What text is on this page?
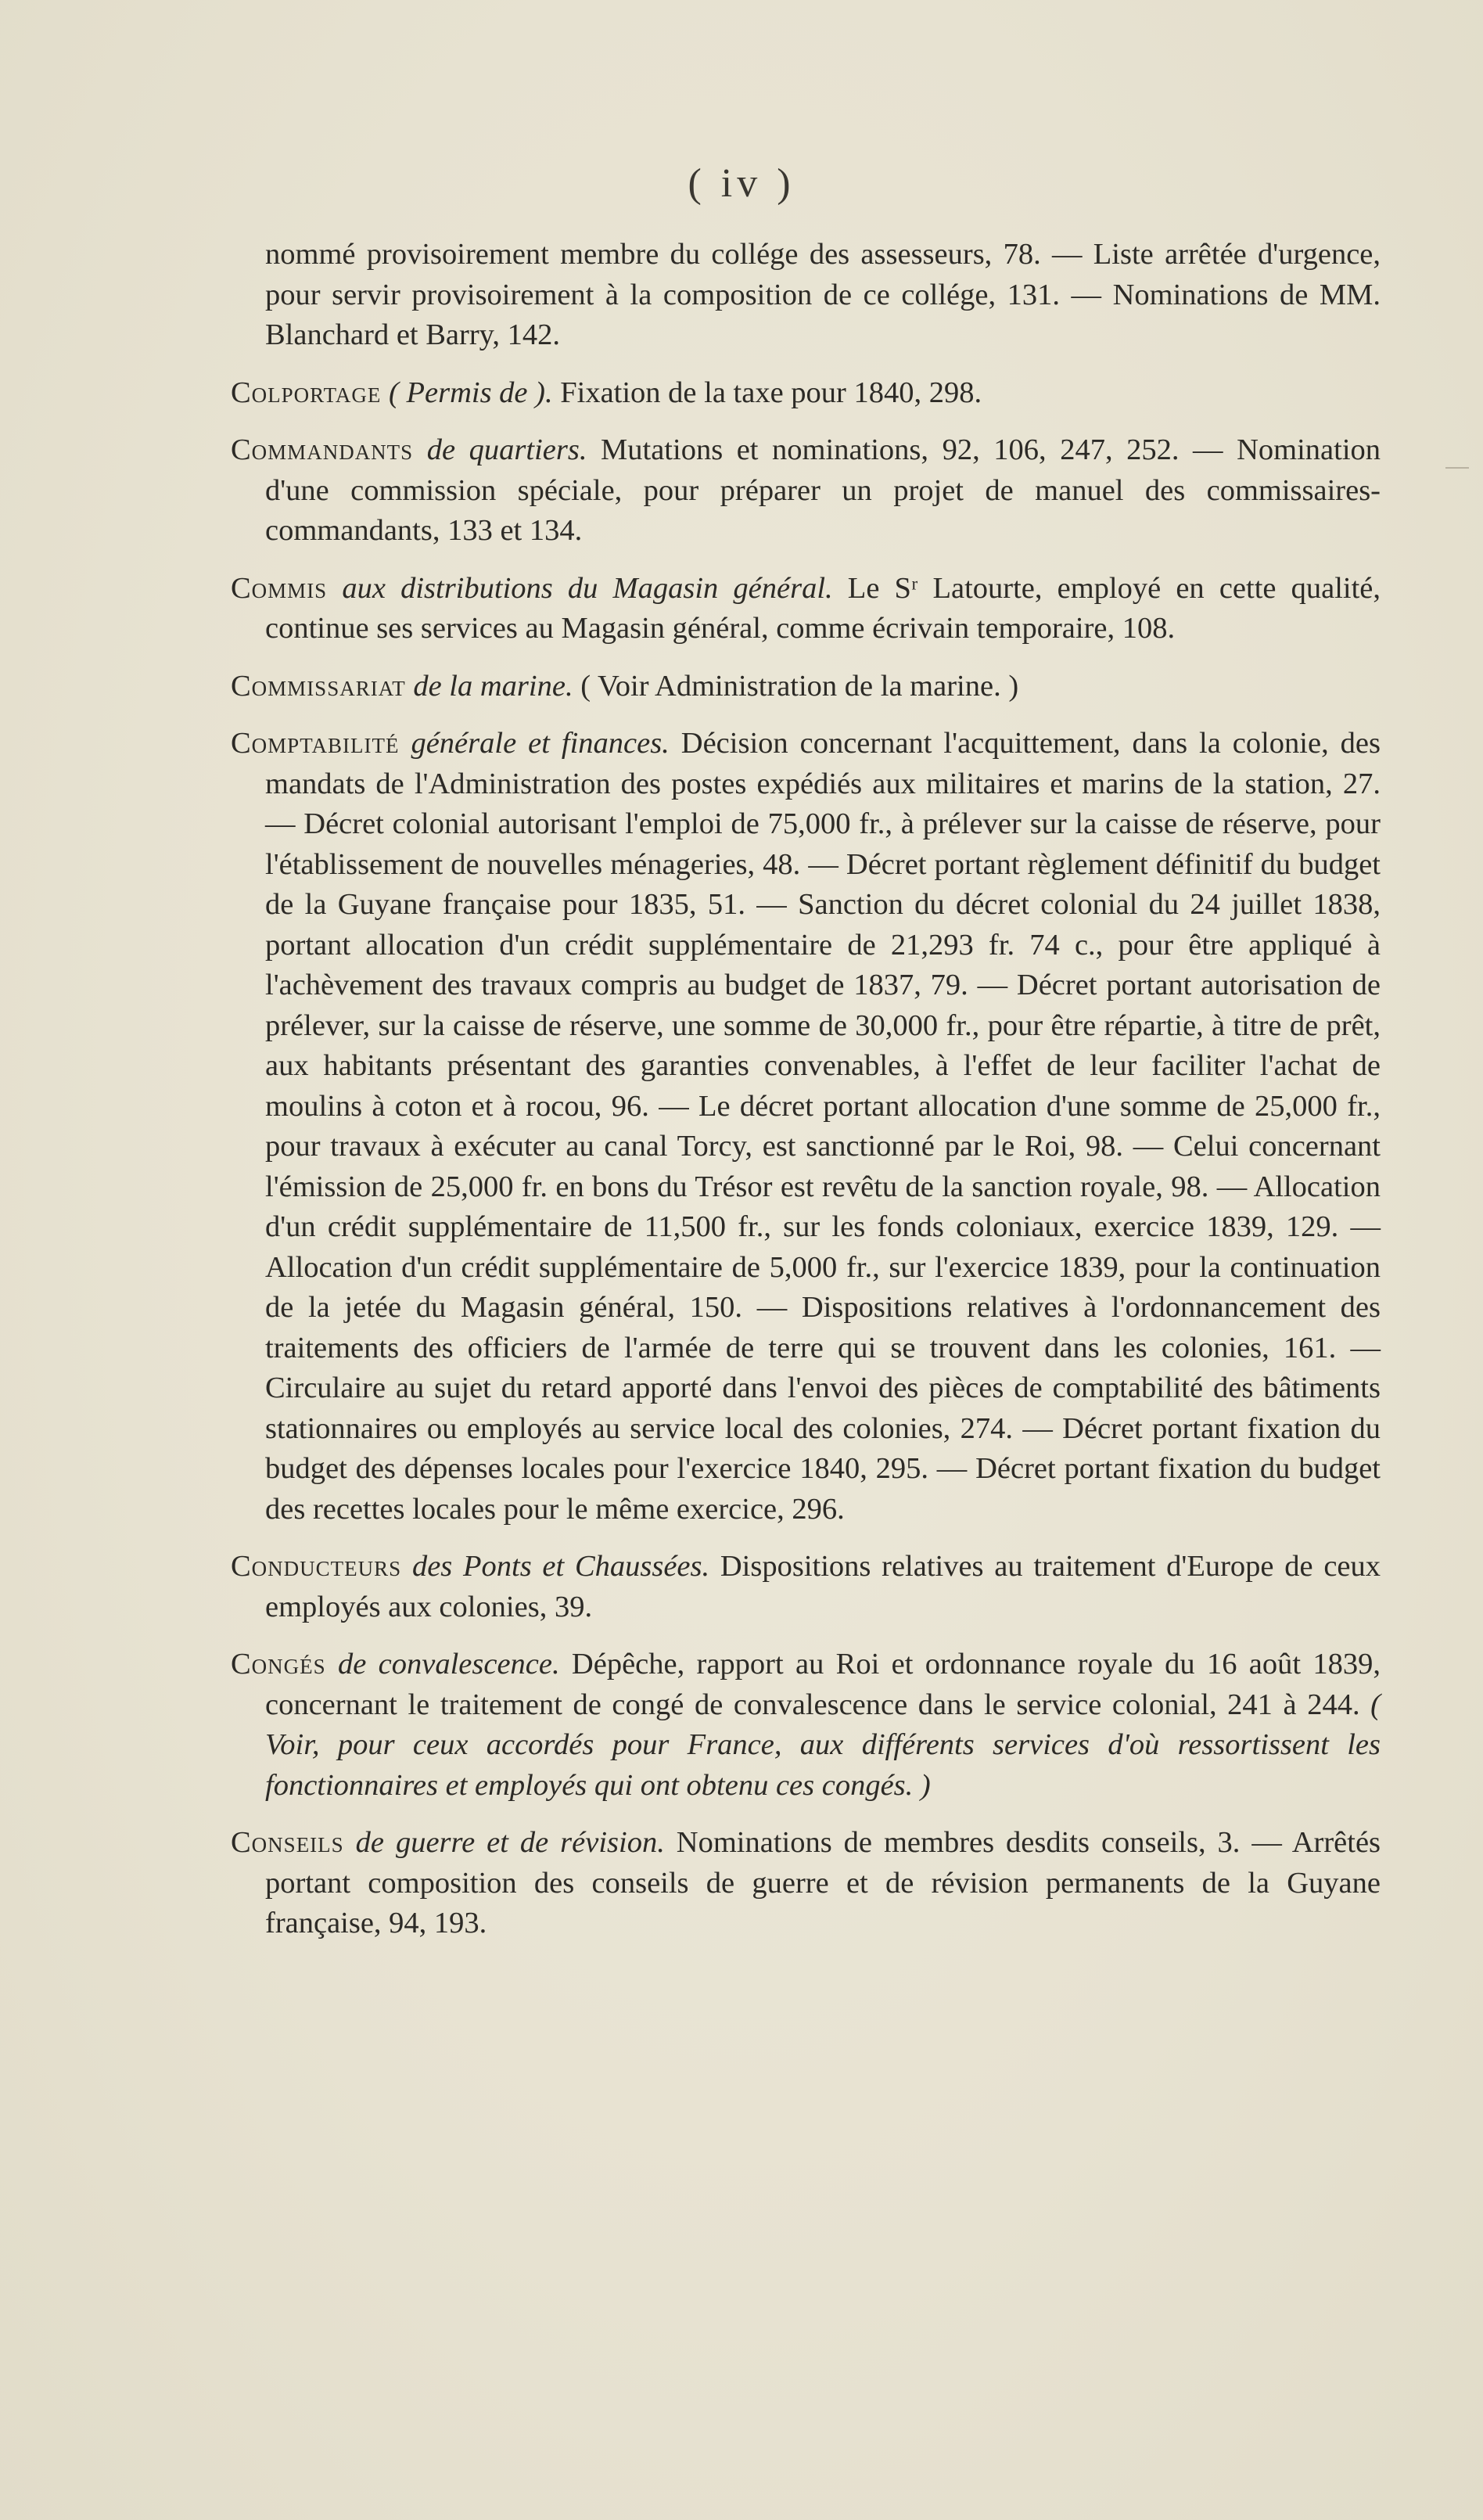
( iv )
nommé provisoirement membre du collége des assesseurs, 78. — Liste arrêtée d'urgence, pour servir provisoirement à la composition de ce collége, 131. — Nominations de MM. Blanchard et Barry, 142.
Colportage ( Permis de ). Fixation de la taxe pour 1840, 298.
Commandants de quartiers. Mutations et nominations, 92, 106, 247, 252. — Nomination d'une commission spéciale, pour préparer un projet de manuel des commissaires-commandants, 133 et 134.
Commis aux distributions du Magasin général. Le Sʳ Latourte, employé en cette qualité, continue ses services au Magasin général, comme écrivain temporaire, 108.
Commissariat de la marine. ( Voir Administration de la marine. )
Comptabilité générale et finances. Décision concernant l'acquittement, dans la colonie, des mandats de l'Administration des postes expédiés aux militaires et marins de la station, 27. — Décret colonial autorisant l'emploi de 75,000 fr., à prélever sur la caisse de réserve, pour l'établissement de nouvelles ménageries, 48. — Décret portant règlement définitif du budget de la Guyane française pour 1835, 51. — Sanction du décret colonial du 24 juillet 1838, portant allocation d'un crédit supplémentaire de 21,293 fr. 74 c., pour être appliqué à l'achèvement des travaux compris au budget de 1837, 79. — Décret portant autorisation de prélever, sur la caisse de réserve, une somme de 30,000 fr., pour être répartie, à titre de prêt, aux habitants présentant des garanties convenables, à l'effet de leur faciliter l'achat de moulins à coton et à rocou, 96. — Le décret portant allocation d'une somme de 25,000 fr., pour travaux à exécuter au canal Torcy, est sanctionné par le Roi, 98. — Celui concernant l'émission de 25,000 fr. en bons du Trésor est revêtu de la sanction royale, 98. — Allocation d'un crédit supplémentaire de 11,500 fr., sur les fonds coloniaux, exercice 1839, 129. — Allocation d'un crédit supplémentaire de 5,000 fr., sur l'exercice 1839, pour la continuation de la jetée du Magasin général, 150. — Dispositions relatives à l'ordonnancement des traitements des officiers de l'armée de terre qui se trouvent dans les colonies, 161. — Circulaire au sujet du retard apporté dans l'envoi des pièces de comptabilité des bâtiments stationnaires ou employés au service local des colonies, 274. — Décret portant fixation du budget des dépenses locales pour l'exercice 1840, 295. — Décret portant fixation du budget des recettes locales pour le même exercice, 296.
Conducteurs des Ponts et Chaussées. Dispositions relatives au traitement d'Europe de ceux employés aux colonies, 39.
Congés de convalescence. Dépêche, rapport au Roi et ordonnance royale du 16 août 1839, concernant le traitement de congé de convalescence dans le service colonial, 241 à 244. ( Voir, pour ceux accordés pour France, aux différents services d'où ressortissent les fonctionnaires et employés qui ont obtenu ces congés. )
Conseils de guerre et de révision. Nominations de membres desdits conseils, 3. — Arrêtés portant composition des conseils de guerre et de révision permanents de la Guyane française, 94, 193.
